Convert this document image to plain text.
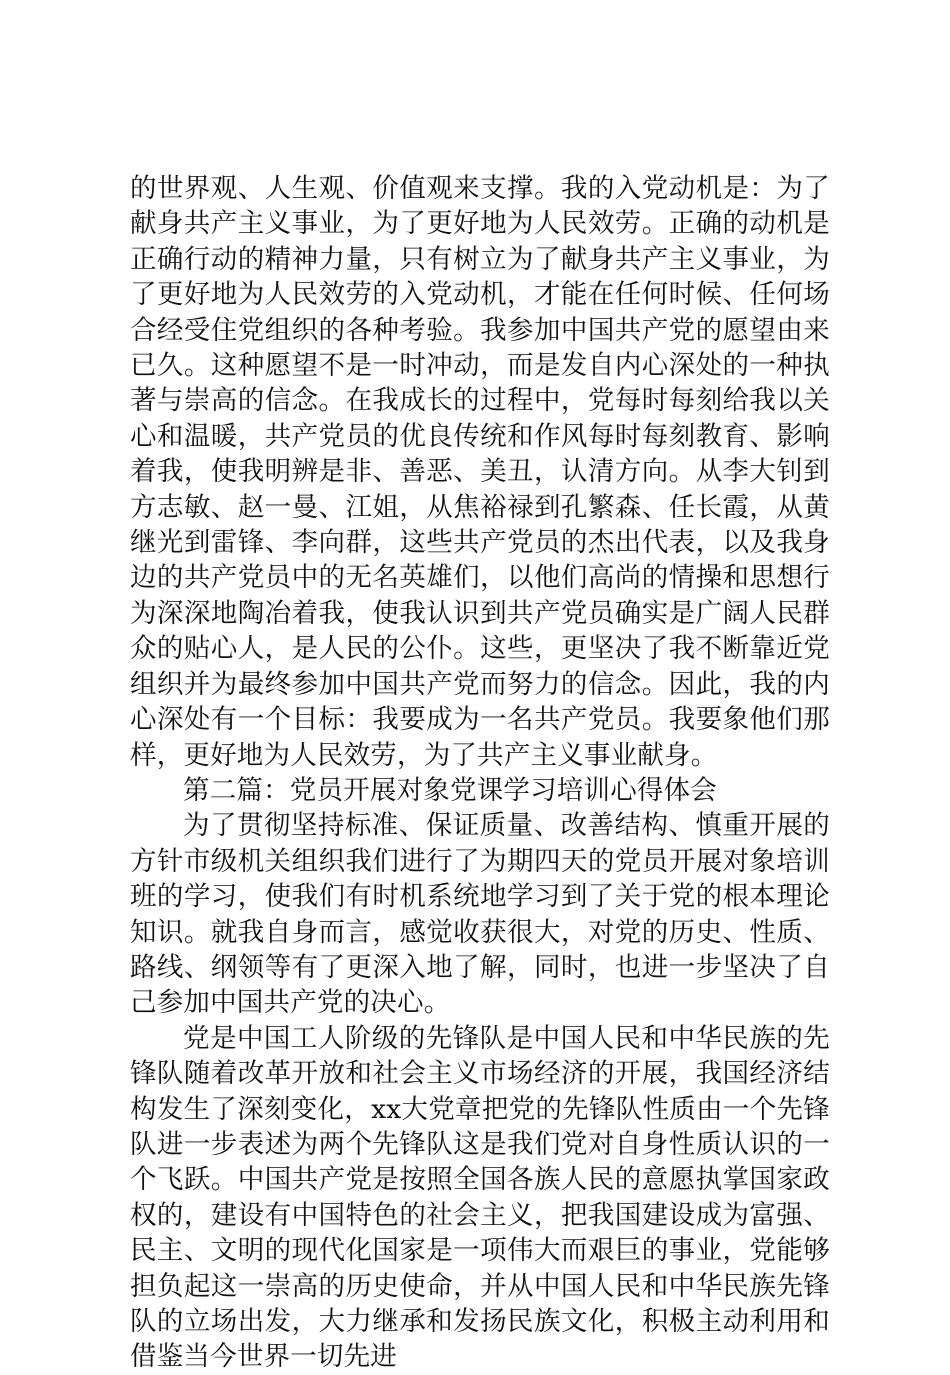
的世界观、人生观、价值观来支撑。我的入党动机是：为了献身共产主义事业，为了更好地为人民效劳。正确的动机是正确行动的精神力量，只有树立为了献身共产主义事业，为了更好地为人民效劳的入党动机，才能在任何时候、任何场合经受住党组织的各种考验。我参加中国共产党的愿望由来已久。这种愿望不是一时冲动，而是发自内心深处的一种执著与崇高的信念。在我成长的过程中，党每时每刻给我以关心和温暖，共产党员的优良传统和作风每时每刻教育、影响着我，使我明辨是非、善恶、美丑，认清方向。从李大钊到方志敏、赵一曼、江姐，从焦裕禄到孔繁森、任长霞，从黄继光到雷锋、李向群，这些共产党员的杰出代表，以及我身边的共产党员中的无名英雄们，以他们高尚的情操和思想行为深深地陶冶着我，使我认识到共产党员确实是广阔人民群众的贴心人，是人民的公仆。这些，更坚决了我不断靠近党组织并为最终参加中国共产党而努力的信念。因此，我的内心深处有一个目标：我要成为一名共产党员。我要象他们那样，更好地为人民效劳，为了共产主义事业献身。

第二篇：党员开展对象党课学习培训心得体会

为了贯彻坚持标准、保证质量、改善结构、慎重开展的方针市级机关组织我们进行了为期四天的党员开展对象培训班的学习，使我们有时机系统地学习到了关于党的根本理论知识。就我自身而言，感觉收获很大，对党的历史、性质、路线、纲领等有了更深入地了解，同时，也进一步坚决了自己参加中国共产党的决心。

党是中国工人阶级的先锋队是中国人民和中华民族的先锋队随着改革开放和社会主义市场经济的开展，我国经济结构发生了深刻变化，xx大党章把党的先锋队性质由一个先锋队进一步表述为两个先锋队这是我们党对自身性质认识的一个飞跃。中国共产党是按照全国各族人民的意愿执掌国家政权的，建设有中国特色的社会主义，把我国建设成为富强、民主、文明的现代化国家是一项伟大而艰巨的事业，党能够担负起这一崇高的历史使命，并从中国人民和中华民族先锋队的立场出发，大力继承和发扬民族文化，积极主动利用和借鉴当今世界一切先进
